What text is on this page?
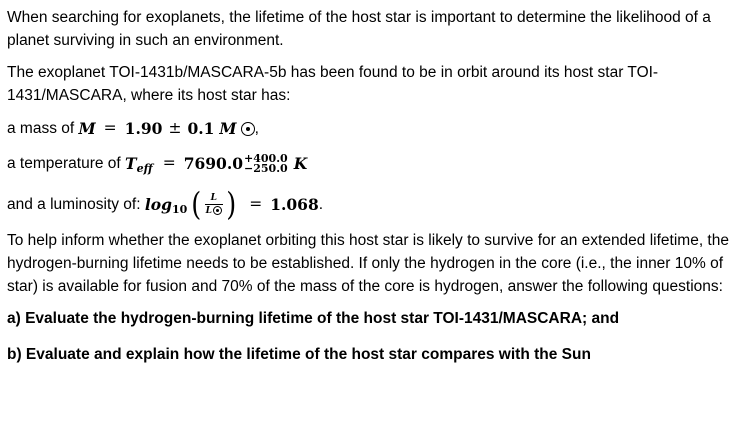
When searching for exoplanets, the lifetime of the host star is important to determine the likelihood of a planet surviving in such an environment.

The exoplanet TOI-1431b/MASCARA-5b has been found to be in orbit around its host star TOI-1431/MASCARA, where its host star has:

a mass of M = 1.90 ± 0.1 M ,
a temperature of T eff = 7690.0 +400.0
−250.0 K
and a luminosity of: log 10 ( $\frac{L}{L}$ ) = 1.068 .

To help inform whether the exoplanet orbiting this host star is likely to survive for an extended lifetime, the hydrogen-burning lifetime needs to be established. If only the hydrogen in the core (i.e., the inner 10% of star) is available for fusion and 70% of the mass of the core is hydrogen, answer the following questions:

a) Evaluate the hydrogen-burning lifetime of the host star TOI-1431/MASCARA; and

b) Evaluate and explain how the lifetime of the host star compares with the Sun
